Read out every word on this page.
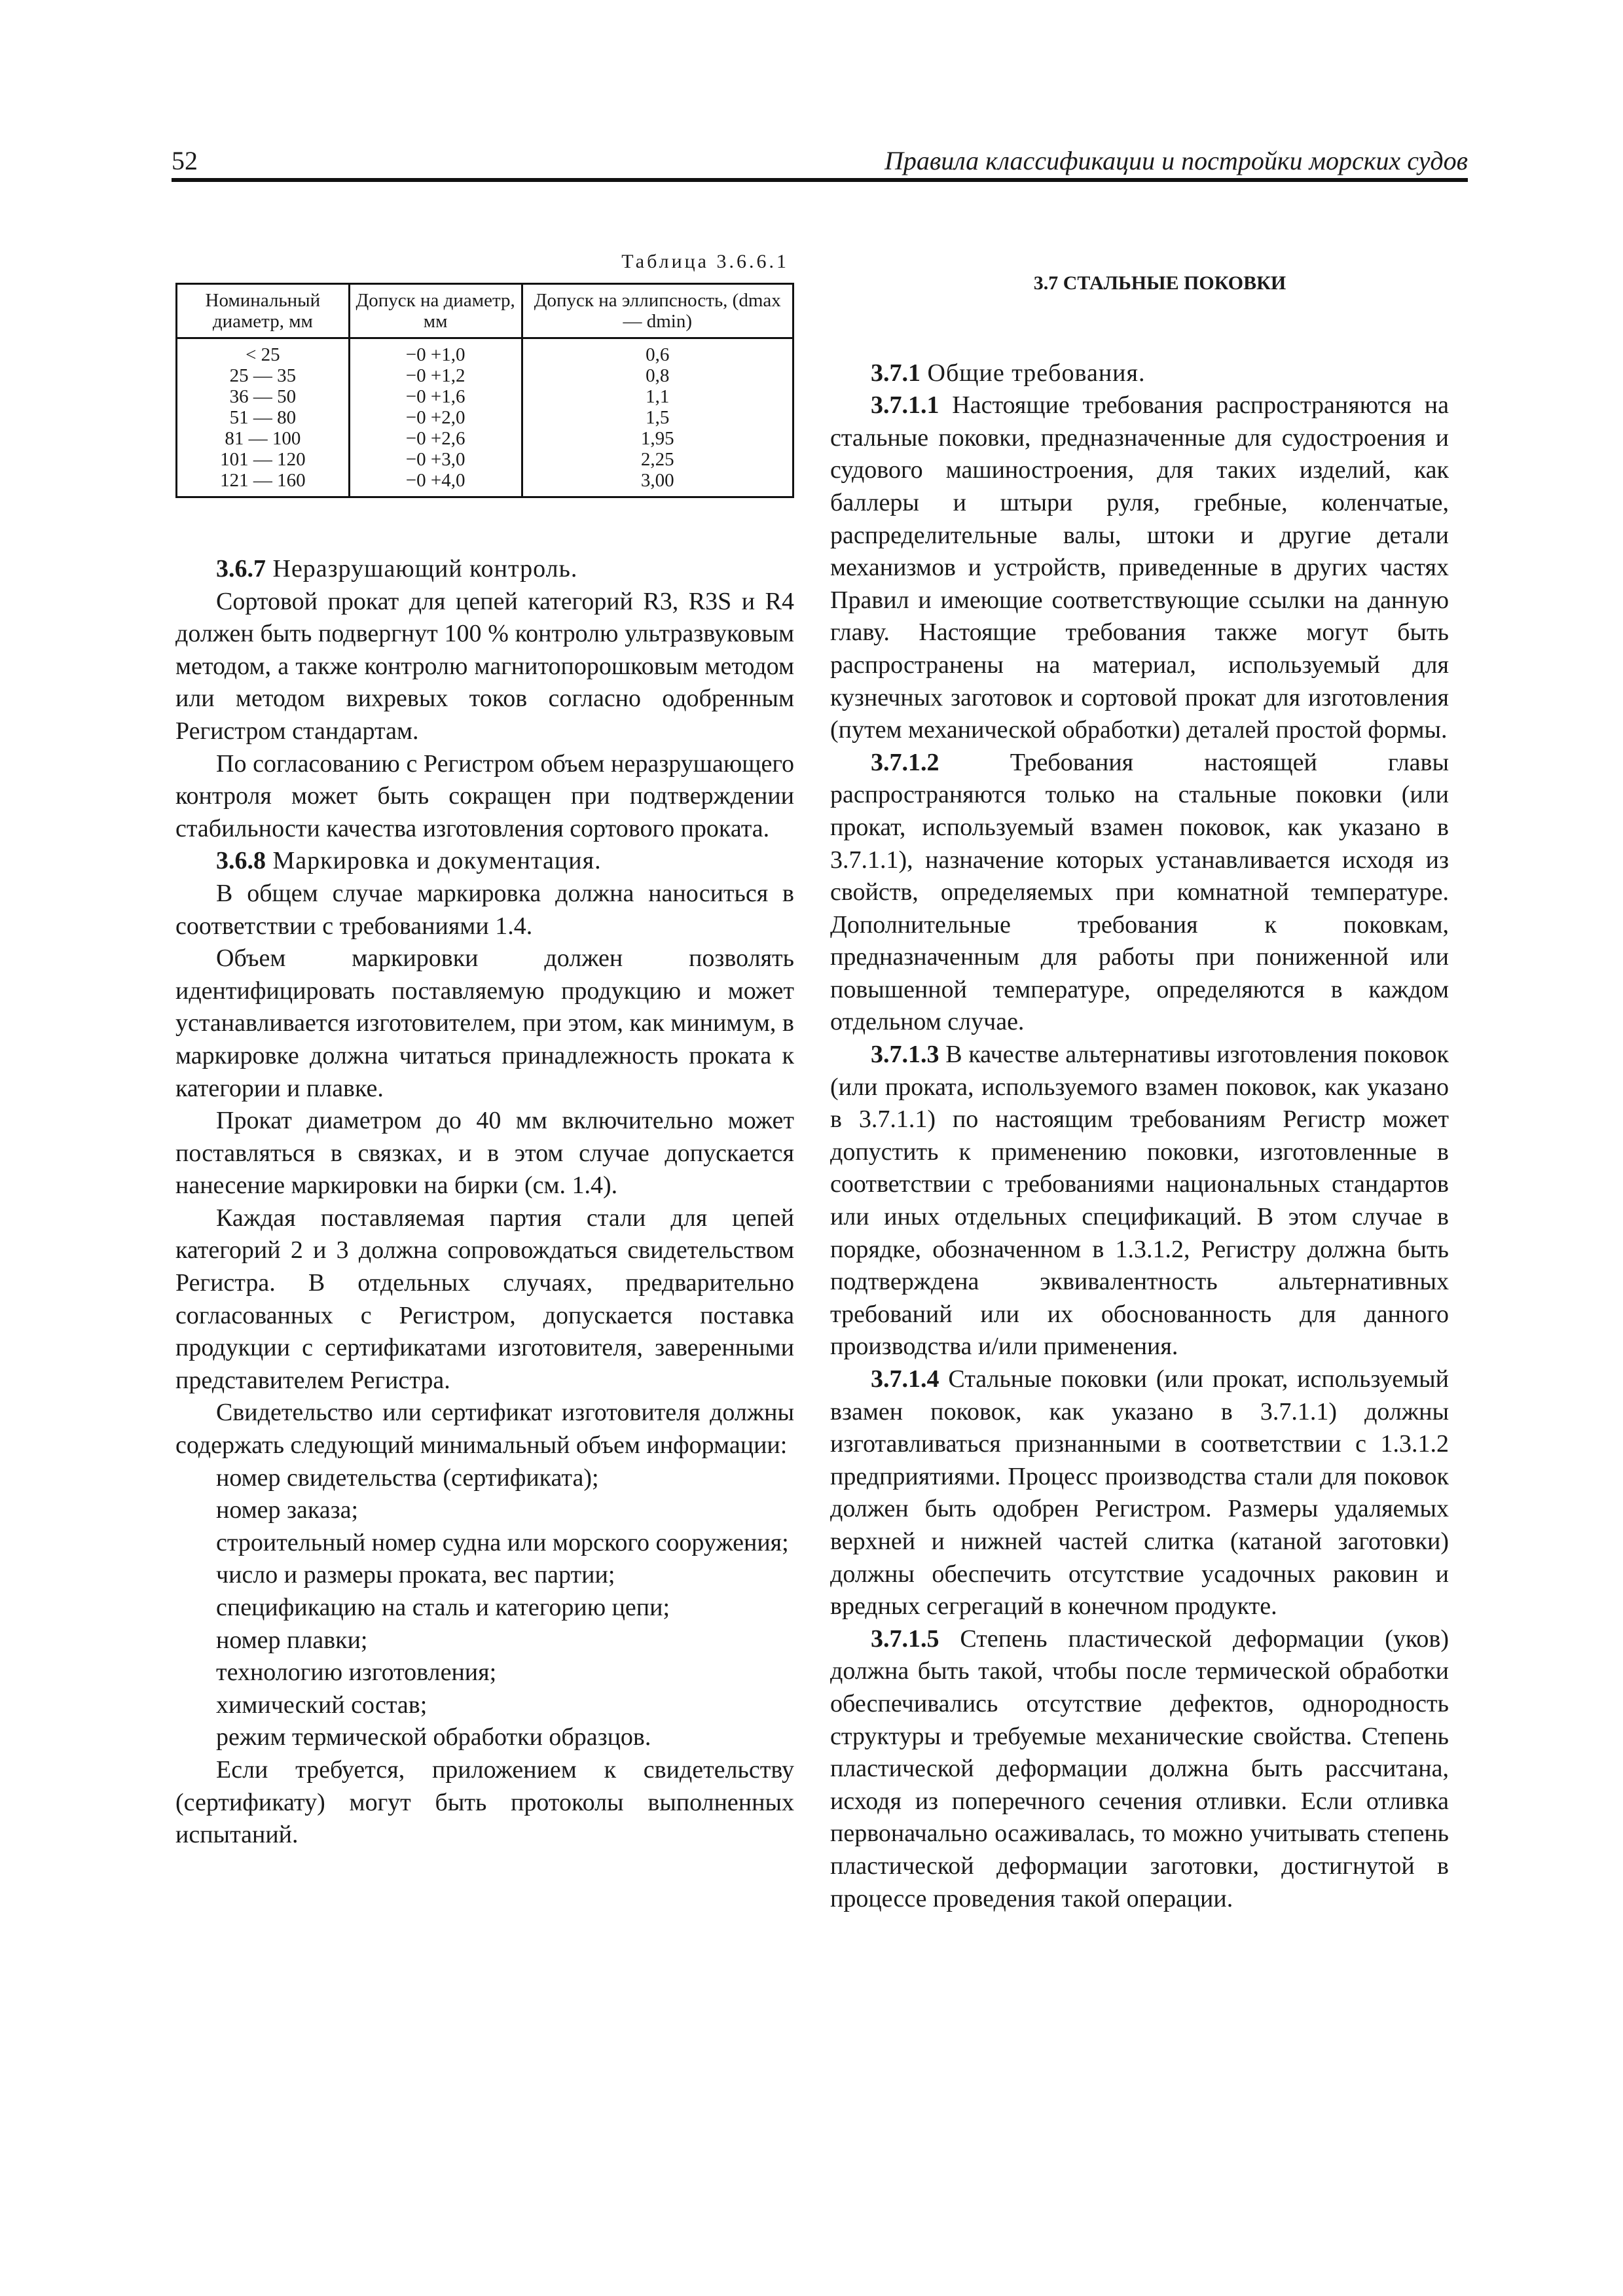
52	Правила классификации и постройки морских судов
Таблица 3.6.6.1
Номинальный диаметр, мм	Допуск на диаметр, мм	Допуск на эллипсность, (dmax — dmin)
< 25	−0 +1,0	0,6
25 — 35	−0 +1,2	0,8
36 — 50	−0 +1,6	1,1
51 — 80	−0 +2,0	1,5
81 — 100	−0 +2,6	1,95
101 — 120	−0 +3,0	2,25
121 — 160	−0 +4,0	3,00

3.6.7 Неразрушающий контроль.

Сортовой прокат для цепей категорий R3, R3S и R4 должен быть подвергнут 100 % контролю ультразвуковым методом, а также контролю магнитопорошковым методом или методом вихревых токов согласно одобренным Регистром стандартам.

По согласованию с Регистром объем неразрушающего контроля может быть сокращен при подтверждении стабильности качества изготовления сортового проката.

3.6.8 Маркировка и документация.

В общем случае маркировка должна наноситься в соответствии с требованиями 1.4.

Объем маркировки должен позволять идентифицировать поставляемую продукцию и может устанавливается изготовителем, при этом, как минимум, в маркировке должна читаться принадлежность проката к категории и плавке.

Прокат диаметром до 40 мм включительно может поставляться в связках, и в этом случае допускается нанесение маркировки на бирки (см. 1.4).

Каждая поставляемая партия стали для цепей категорий 2 и 3 должна сопровождаться свидетельством Регистра. В отдельных случаях, предварительно согласованных с Регистром, допускается поставка продукции с сертификатами изготовителя, заверенными представителем Регистра.

Свидетельство или сертификат изготовителя должны содержать следующий минимальный объем информации:

номер свидетельства (сертификата);

номер заказа;

строительный номер судна или морского сооружения;

число и размеры проката, вес партии;

спецификацию на сталь и категорию цепи;

номер плавки;

технологию изготовления;

химический состав;

режим термической обработки образцов.

Если требуется, приложением к свидетельству (сертификату) могут быть протоколы выполненных испытаний.

3.7 СТАЛЬНЫЕ ПОКОВКИ

3.7.1 Общие требования.

3.7.1.1 Настоящие требования распространяются на стальные поковки, предназначенные для судостроения и судового машиностроения, для таких изделий, как баллеры и штыри руля, гребные, коленчатые, распределительные валы, штоки и другие детали механизмов и устройств, приведенные в других частях Правил и имеющие соответствующие ссылки на данную главу. Настоящие требования также могут быть распространены на материал, используемый для кузнечных заготовок и сортовой прокат для изготовления (путем механической обработки) деталей простой формы.

3.7.1.2 Требования настоящей главы распространяются только на стальные поковки (или прокат, используемый взамен поковок, как указано в 3.7.1.1), назначение которых устанавливается исходя из свойств, определяемых при комнатной температуре. Дополнительные требования к поковкам, предназначенным для работы при пониженной или повышенной температуре, определяются в каждом отдельном случае.

3.7.1.3 В качестве альтернативы изготовления поковок (или проката, используемого взамен поковок, как указано в 3.7.1.1) по настоящим требованиям Регистр может допустить к применению поковки, изготовленные в соответствии с требованиями национальных стандартов или иных отдельных спецификаций. В этом случае в порядке, обозначенном в 1.3.1.2, Регистру должна быть подтверждена эквивалентность альтернативных требований или их обоснованность для данного производства и/или применения.

3.7.1.4 Стальные поковки (или прокат, используемый взамен поковок, как указано в 3.7.1.1) должны изготавливаться признанными в соответствии с 1.3.1.2 предприятиями. Процесс производства стали для поковок должен быть одобрен Регистром. Размеры удаляемых верхней и нижней частей слитка (катаной заготовки) должны обеспечить отсутствие усадочных раковин и вредных сегрегаций в конечном продукте.

3.7.1.5 Степень пластической деформации (уков) должна быть такой, чтобы после термической обработки обеспечивались отсутствие дефектов, однородность структуры и требуемые механические свойства. Степень пластической деформации должна быть рассчитана, исходя из поперечного сечения отливки. Если отливка первоначально осаживалась, то можно учитывать степень пластической деформации заготовки, достигнутой в процессе проведения такой операции.
